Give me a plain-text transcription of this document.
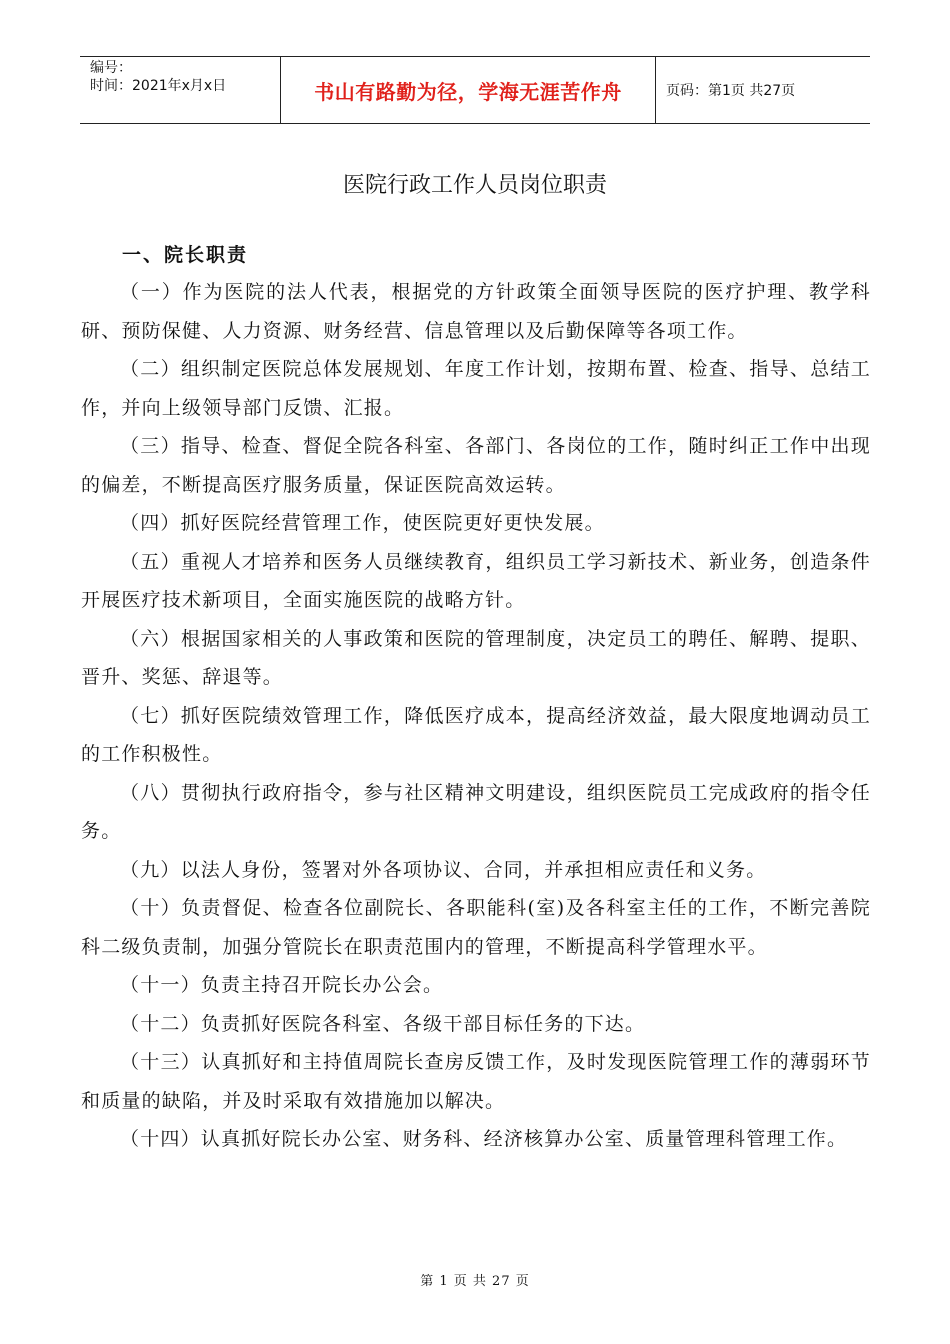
编号：
时间：2021年x月x日	书山有路勤为径，学海无涯苦作舟	页码：第1页 共27页
医院行政工作人员岗位职责
一、院长职责

（一）作为医院的法人代表，根据党的方针政策全面领导医院的医疗护理、教学科研、预防保健、人力资源、财务经营、信息管理以及后勤保障等各项工作。

（二）组织制定医院总体发展规划、年度工作计划，按期布置、检查、指导、总结工作，并向上级领导部门反馈、汇报。

（三）指导、检查、督促全院各科室、各部门、各岗位的工作，随时纠正工作中出现的偏差，不断提高医疗服务质量，保证医院高效运转。

（四）抓好医院经营管理工作，使医院更好更快发展。

（五）重视人才培养和医务人员继续教育，组织员工学习新技术、新业务，创造条件开展医疗技术新项目，全面实施医院的战略方针。

（六）根据国家相关的人事政策和医院的管理制度，决定员工的聘任、解聘、提职、晋升、奖惩、辞退等。

（七）抓好医院绩效管理工作，降低医疗成本，提高经济效益，最大限度地调动员工的工作积极性。

（八）贯彻执行政府指令，参与社区精神文明建设，组织医院员工完成政府的指令任务。

（九）以法人身份，签署对外各项协议、合同，并承担相应责任和义务。

（十）负责督促、检查各位副院长、各职能科(室)及各科室主任的工作，不断完善院科二级负责制，加强分管院长在职责范围内的管理，不断提高科学管理水平。

（十一）负责主持召开院长办公会。

（十二）负责抓好医院各科室、各级干部目标任务的下达。

（十三）认真抓好和主持值周院长查房反馈工作，及时发现医院管理工作的薄弱环节和质量的缺陷，并及时采取有效措施加以解决。

（十四）认真抓好院长办公室、财务科、经济核算办公室、质量管理科管理工作。

第 1 页 共 27 页
